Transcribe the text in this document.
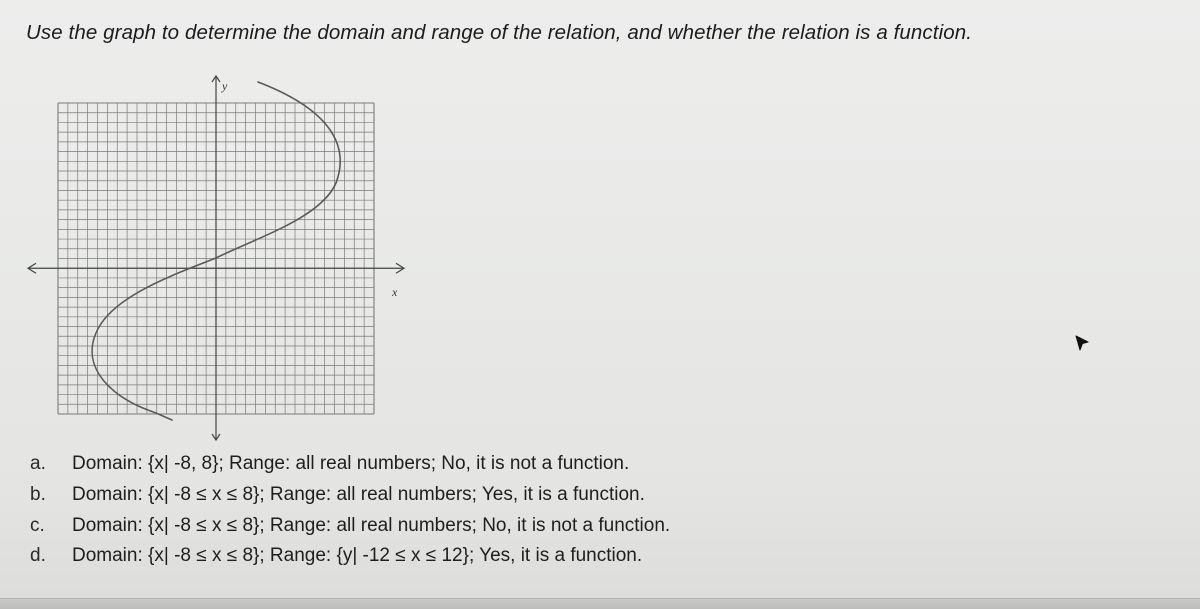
Use the graph to determine the domain and range of the relation, and whether the relation is a function.

x
y
a. Domain: {x| -8, 8}; Range: all real numbers; No, it is not a function.
b. Domain: {x| -8 ≤ x ≤ 8}; Range: all real numbers; Yes, it is a function.
c. Domain: {x| -8 ≤ x ≤ 8}; Range: all real numbers; No, it is not a function.
d. Domain: {x| -8 ≤ x ≤ 8}; Range: {y| -12 ≤ x ≤ 12}; Yes, it is a function.
